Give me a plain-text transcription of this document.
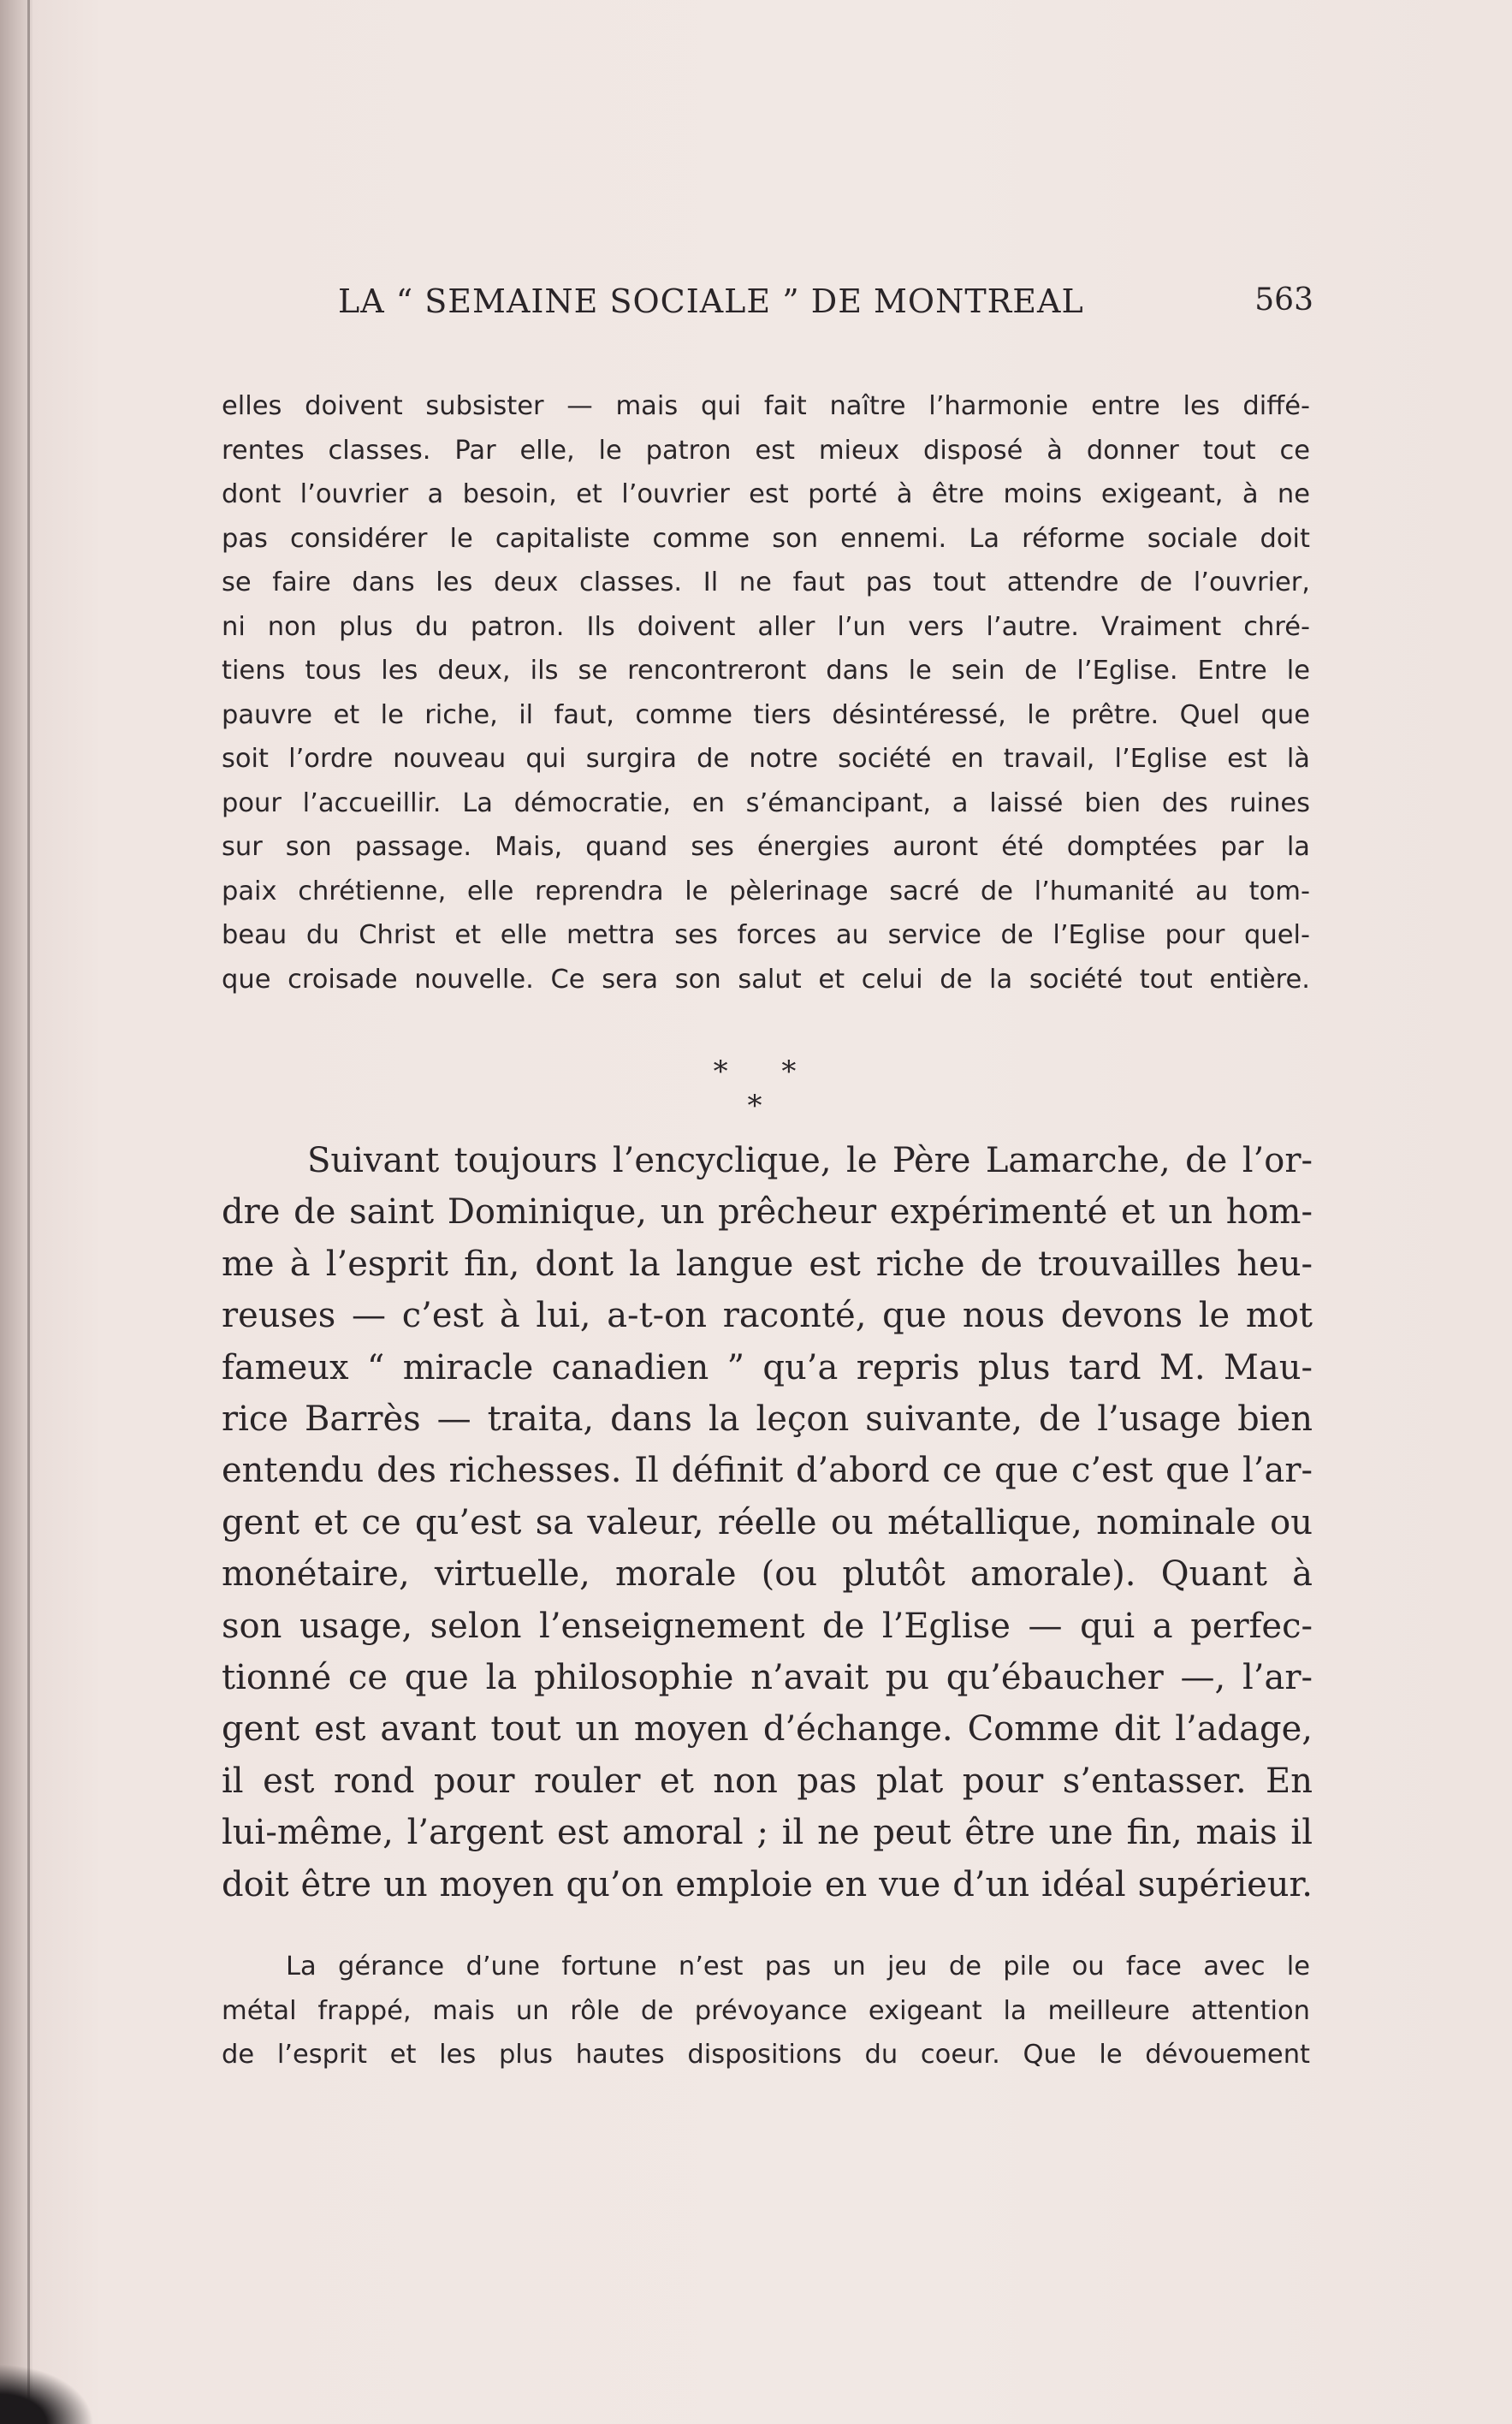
LA “ SEMAINE SOCIALE ” DE MONTREAL	563
elles doivent subsister — mais qui fait naître l’harmonie entre les diffé-
rentes classes. Par elle, le patron est mieux disposé à donner tout ce
dont l’ouvrier a besoin, et l’ouvrier est porté à être moins exigeant, à ne
pas considérer le capitaliste comme son ennemi. La réforme sociale doit
se faire dans les deux classes. Il ne faut pas tout attendre de l’ouvrier,
ni non plus du patron. Ils doivent aller l’un vers l’autre. Vraiment chré-
tiens tous les deux, ils se rencontreront dans le sein de l’Eglise. Entre le
pauvre et le riche, il faut, comme tiers désintéressé, le prêtre. Quel que
soit l’ordre nouveau qui surgira de notre société en travail, l’Eglise est là
pour l’accueillir. La démocratie, en s’émancipant, a laissé bien des ruines
sur son passage. Mais, quand ses énergies auront été domptées par la
paix chrétienne, elle reprendra le pèlerinage sacré de l’humanité au tom-
beau du Christ et elle mettra ses forces au service de l’Eglise pour quel-
que croisade nouvelle. Ce sera son salut et celui de la société tout entière.
* * *
Suivant toujours l’encyclique, le Père Lamarche, de l’or-
dre de saint Dominique, un prêcheur expérimenté et un hom-
me à l’esprit fin, dont la langue est riche de trouvailles heu-
reuses — c’est à lui, a-t-on raconté, que nous devons le mot
fameux “ miracle canadien ” qu’a repris plus tard M. Mau-
rice Barrès — traita, dans la leçon suivante, de l’usage bien
entendu des richesses. Il définit d’abord ce que c’est que l’ar-
gent et ce qu’est sa valeur, réelle ou métallique, nominale ou
monétaire, virtuelle, morale (ou plutôt amorale). Quant à
son usage, selon l’enseignement de l’Eglise — qui a perfec-
tionné ce que la philosophie n’avait pu qu’ébaucher —, l’ar-
gent est avant tout un moyen d’échange. Comme dit l’adage,
il est rond pour rouler et non pas plat pour s’entasser. En
lui-même, l’argent est amoral ; il ne peut être une fin, mais il
doit être un moyen qu’on emploie en vue d’un idéal supérieur.
La gérance d’une fortune n’est pas un jeu de pile ou face avec le
métal frappé, mais un rôle de prévoyance exigeant la meilleure attention
de l’esprit et les plus hautes dispositions du coeur. Que le dévouement
